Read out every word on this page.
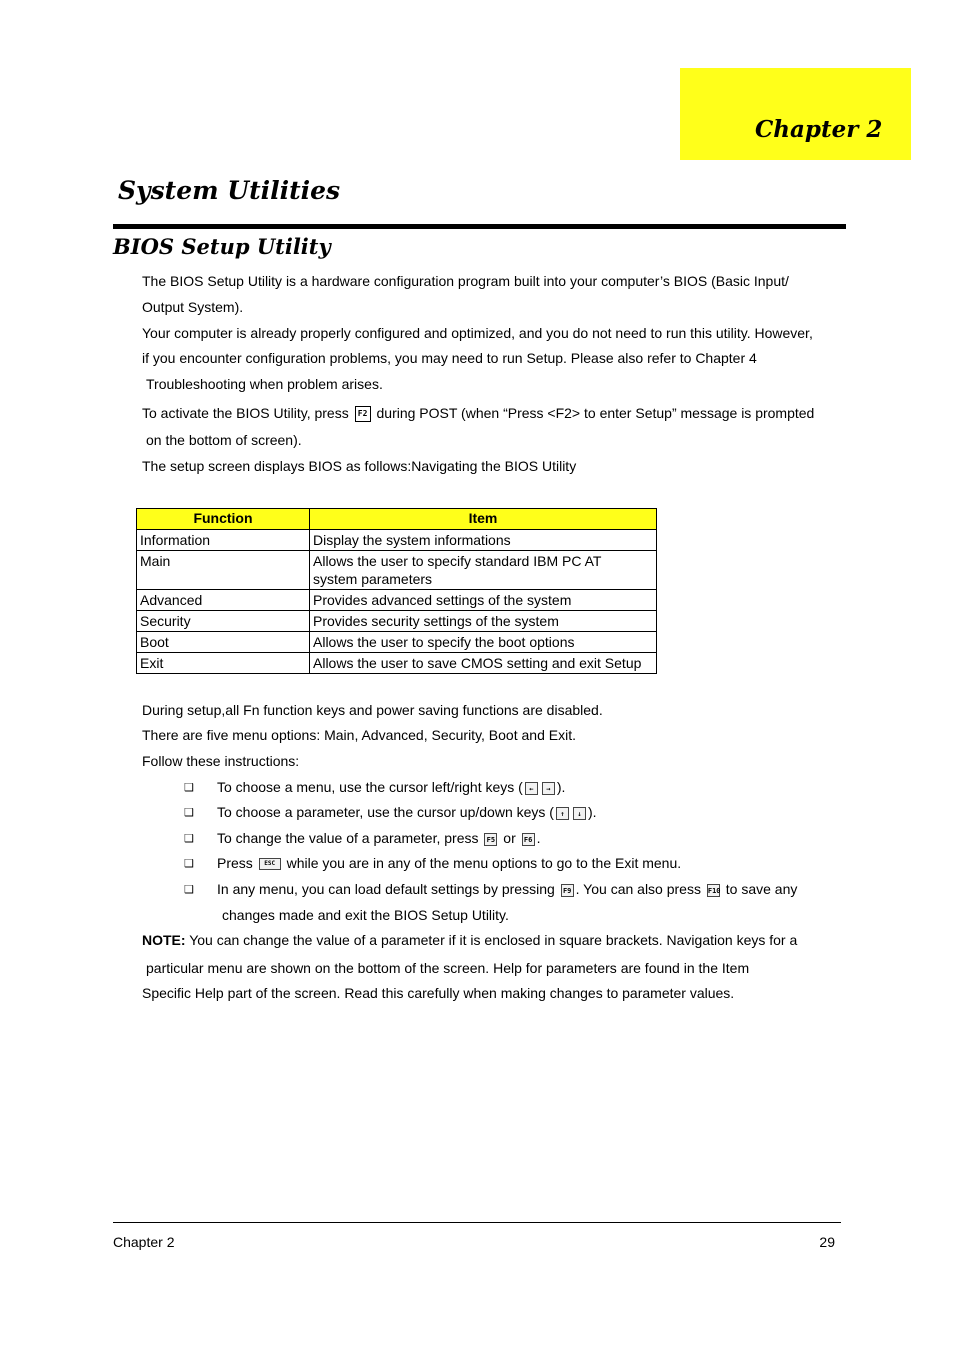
Chapter 2
System Utilities
BIOS Setup Utility
The BIOS Setup Utility is a hardware configuration program built into your computer’s BIOS (Basic Input/
Output System).
Your computer is already properly configured and optimized, and you do not need to run this utility. However,
if you encounter configuration problems, you may need to run Setup. Please also refer to Chapter 4
Troubleshooting when problem arises.
To activate the BIOS Utility, press F2 during POST (when “Press <F2> to enter Setup” message is prompted
on the bottom of screen).
The setup screen displays BIOS as follows:Navigating the BIOS Utility
Function	Item
Information	Display the system informations
Main	Allows the user to specify standard IBM PC AT system parameters
Advanced	Provides advanced settings of the system
Security	Provides security settings of the system
Boot	Allows the user to specify the boot options
Exit	Allows the user to save CMOS setting and exit Setup
During setup,all Fn function keys and power saving functions are disabled.
There are five menu options: Main, Advanced, Security, Boot and Exit.
Follow these instructions:
❑ To choose a menu, use the cursor left/right keys ( ← → ).
❑ To choose a parameter, use the cursor up/down keys ( ↑ ↓ ).
❑ To change the value of a parameter, press F5 or F6 .
❑ Press ESC while you are in any of the menu options to go to the Exit menu.
❑ In any menu, you can load default settings by pressing F9 . You can also press F10 to save any
changes made and exit the BIOS Setup Utility.
NOTE: You can change the value of a parameter if it is enclosed in square brackets. Navigation keys for a
particular menu are shown on the bottom of the screen. Help for parameters are found in the Item
Specific Help part of the screen. Read this carefully when making changes to parameter values.
Chapter 2	29
